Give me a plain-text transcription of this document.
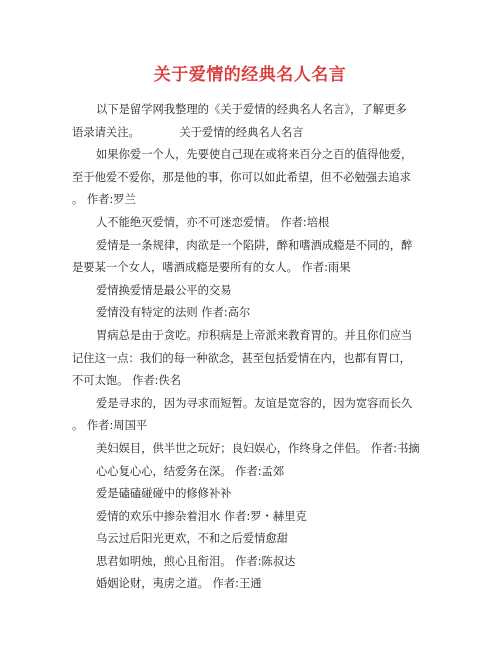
关于爱情的经典名人名言
以下是留学网我整理的《关于爱情的经典名人名言》，了解更多
语录请关注。　　　　关于爱情的经典名人名言
如果你爱一个人，先要使自己现在或将来百分之百的值得他爱，
至于他爱不爱你，那是他的事，你可以如此希望，但不必勉强去追求
。 作者:罗兰
人不能绝灭爱情，亦不可迷恋爱情。 作者:培根
爱情是一条规律，肉欲是一个陷阱，醉和嗜酒成瘾是不同的，醉
是要某一个女人，嗜酒成瘾是要所有的女人。 作者:雨果
爱情换爱情是最公平的交易
爱情没有特定的法则 作者:高尔
胃病总是由于贪吃。疖积病是上帝派来教育胃的。并且你们应当
记住这一点：我们的每一种欲念，甚至包括爱情在内，也都有胃口，
不可太饱。 作者:佚名
爱是寻求的，因为寻求而短暂。友谊是宽容的，因为宽容而长久
。 作者:周国平
美妇娱目，供半世之玩好；良妇娱心，作终身之伴侣。 作者:书摘
心心复心心，结爱务在深。 作者:孟郊
爱是磕磕碰碰中的修修补补
爱情的欢乐中掺杂着泪水 作者:罗・赫里克
乌云过后阳光更欢，不和之后爱情愈甜
思君如明烛，煎心且衔泪。 作者:陈叔达
婚姻论财，夷虏之道。 作者:王通
